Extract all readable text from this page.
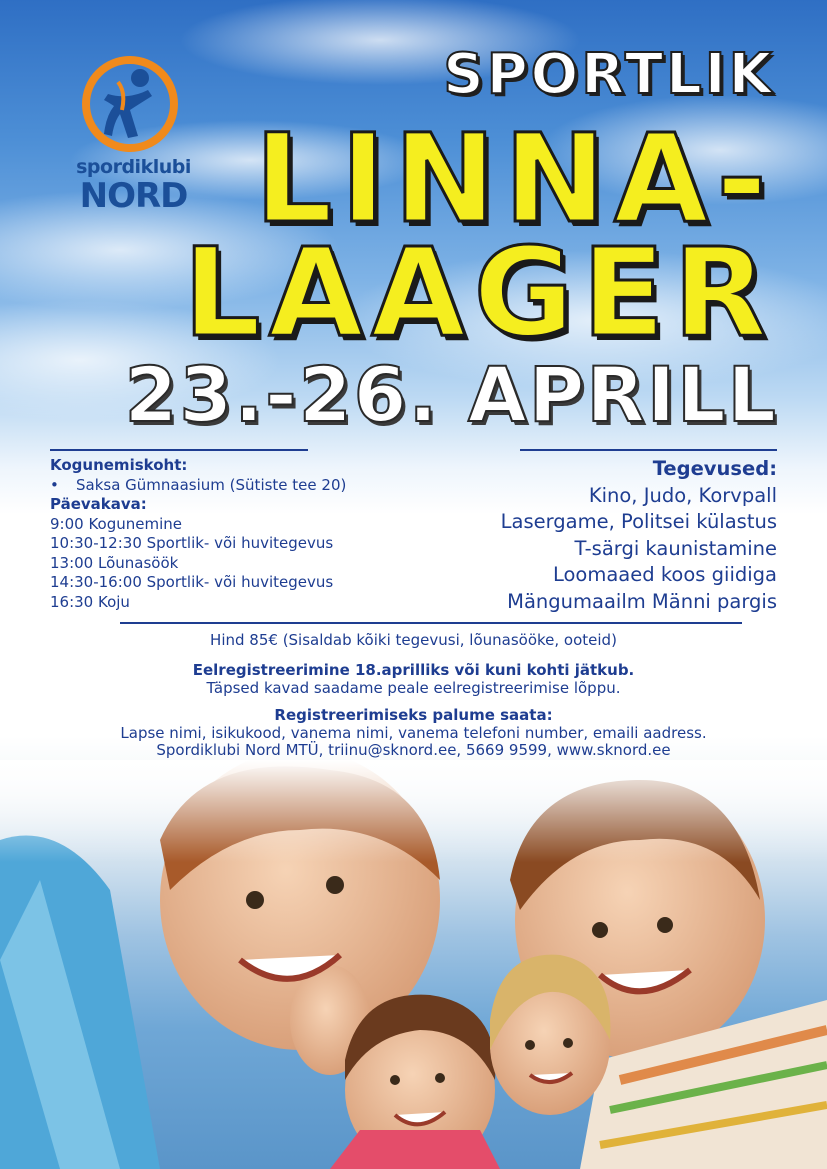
spordiklubi
NORD
SPORTLIK
LINNA-
LAAGER
23.-26. APRILL
Kogunemiskoht:
•	Saksa Gümnaasium (Sütiste tee 20)
Päevakava:
9:00 Kogunemine
10:30-12:30 Sportlik- või huvitegevus
13:00 Lõunasöök
14:30-16:00 Sportlik- või huvitegevus
16:30 Koju
Tegevused:
Kino, Judo, Korvpall
Lasergame, Politsei külastus
T-särgi kaunistamine
Loomaaed koos giidiga
Mängumaailm Männi pargis
Hind 85€ (Sisaldab kõiki tegevusi, lõunasööke, ooteid)
Eelregistreerimine 18.aprilliks või kuni kohti jätkub.
Täpsed kavad saadame peale eelregistreerimise lõppu.
Registreerimiseks palume saata:
Lapse nimi, isikukood, vanema nimi, vanema telefoni number, emaili aadress.
Spordiklubi Nord MTÜ, triinu@sknord.ee, 5669 9599, www.sknord.ee
